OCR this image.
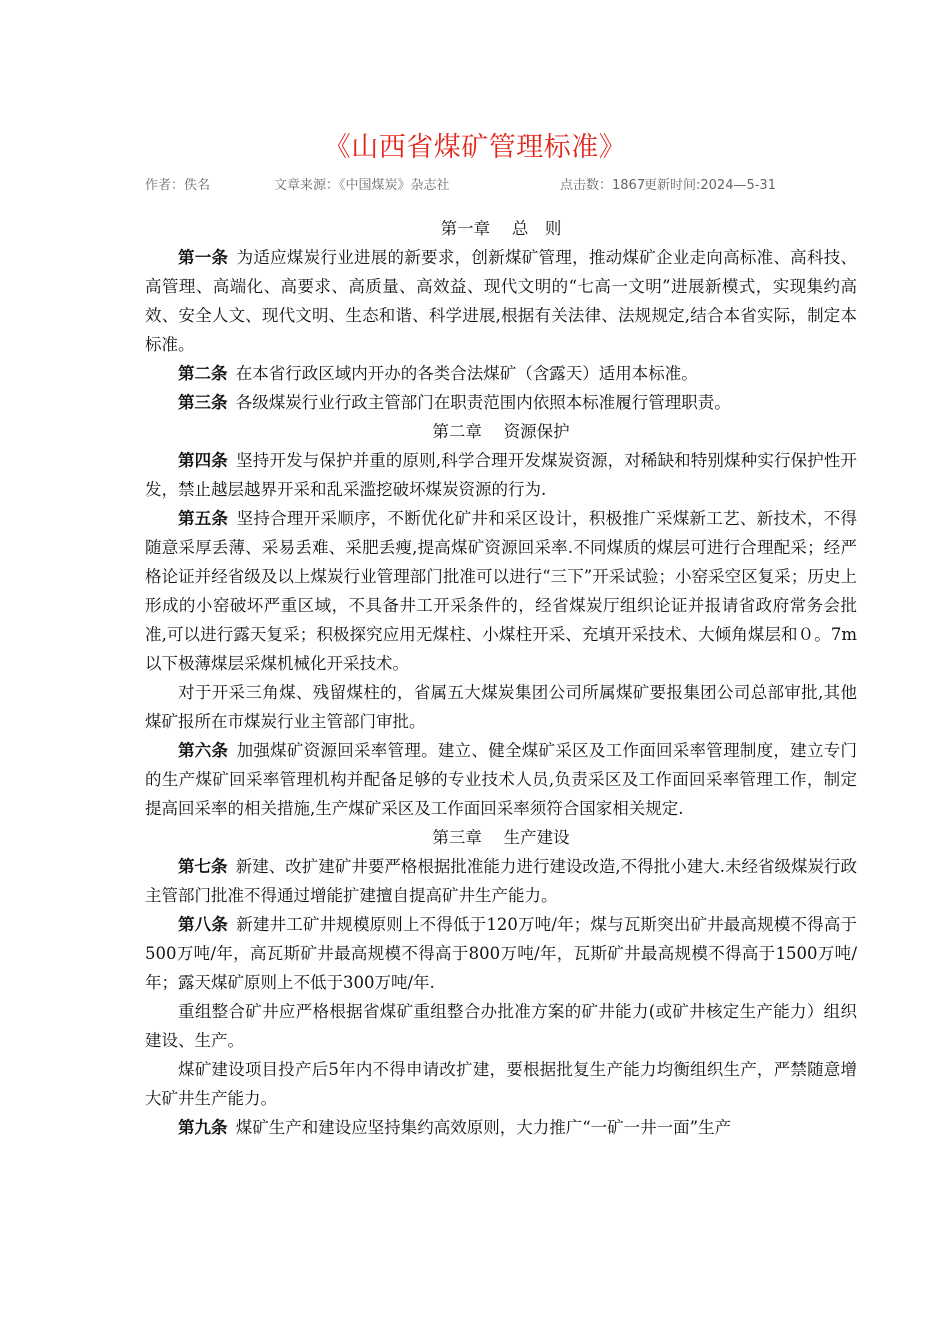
《山西省煤矿管理标准》
作者：佚名	文章来源：《中国煤炭》杂志社	点击数：1867
更新时间:2024—5-31

第一章　 总　则

第一条 为适应煤炭行业进展的新要求，创新煤矿管理，推动煤矿企业走向高标准、高科技、高管理、高端化、高要求、高质量、高效益、现代文明的“七高一文明”进展新模式，实现集约高效、安全人文、现代文明、生态和谐、科学进展,根据有关法律、法规规定,结合本省实际，制定本标准。

第二条 在本省行政区域内开办的各类合法煤矿（含露天）适用本标准。

第三条 各级煤炭行业行政主管部门在职责范围内依照本标准履行管理职责。

第二章　 资源保护

第四条 坚持开发与保护并重的原则,科学合理开发煤炭资源，对稀缺和特别煤种实行保护性开发，禁止越层越界开采和乱采滥挖破坏煤炭资源的行为.

第五条 坚持合理开采顺序，不断优化矿井和采区设计，积极推广采煤新工艺、新技术，不得随意采厚丢薄、采易丢难、采肥丢瘦,提高煤矿资源回采率.不同煤质的煤层可进行合理配采；经严格论证并经省级及以上煤炭行业管理部门批准可以进行“三下”开采试验；小窑采空区复采；历史上形成的小窑破坏严重区域，不具备井工开采条件的，经省煤炭厅组织论证并报请省政府常务会批准,可以进行露天复采；积极探究应用无煤柱、小煤柱开采、充填开采技术、大倾角煤层和０。7m以下极薄煤层采煤机械化开采技术。

对于开采三角煤、残留煤柱的，省属五大煤炭集团公司所属煤矿要报集团公司总部审批,其他煤矿报所在市煤炭行业主管部门审批。

第六条 加强煤矿资源回采率管理。建立、健全煤矿采区及工作面回采率管理制度，建立专门的生产煤矿回采率管理机构并配备足够的专业技术人员,负责采区及工作面回采率管理工作，制定提高回采率的相关措施,生产煤矿采区及工作面回采率须符合国家相关规定.

第三章　 生产建设

第七条 新建、改扩建矿井要严格根据批准能力进行建设改造,不得批小建大.未经省级煤炭行政主管部门批准不得通过增能扩建擅自提高矿井生产能力。

第八条 新建井工矿井规模原则上不得低于120万吨/年；煤与瓦斯突出矿井最高规模不得高于500万吨/年，高瓦斯矿井最高规模不得高于800万吨/年，瓦斯矿井最高规模不得高于1500万吨/年；露天煤矿原则上不低于300万吨/年.

重组整合矿井应严格根据省煤矿重组整合办批准方案的矿井能力(或矿井核定生产能力）组织建设、生产。

煤矿建设项目投产后5年内不得申请改扩建，要根据批复生产能力均衡组织生产，严禁随意增大矿井生产能力。

第九条 煤矿生产和建设应坚持集约高效原则，大力推广“一矿一井一面”生产
